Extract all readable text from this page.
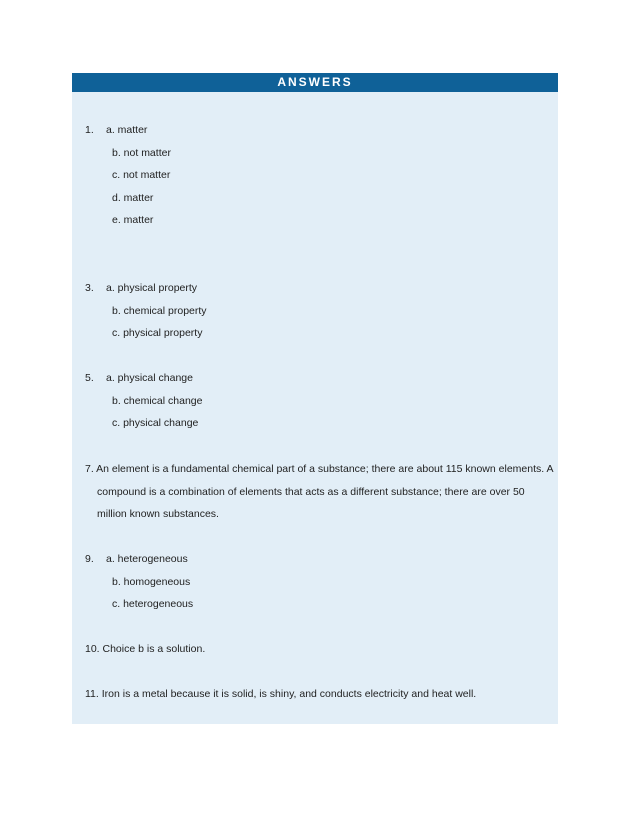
ANSWERS
1. a. matter
b. not matter
c. not matter
d. matter
e. matter
3. a. physical property
b. chemical property
c. physical property
5. a. physical change
b. chemical change
c. physical change
7. An element is a fundamental chemical part of a substance; there are about 115 known elements. A
compound is a combination of elements that acts as a different substance; there are over 50
million known substances.
9. a. heterogeneous
b. homogeneous
c. heterogeneous
10. Choice b is a solution.
11. Iron is a metal because it is solid, is shiny, and conducts electricity and heat well.
